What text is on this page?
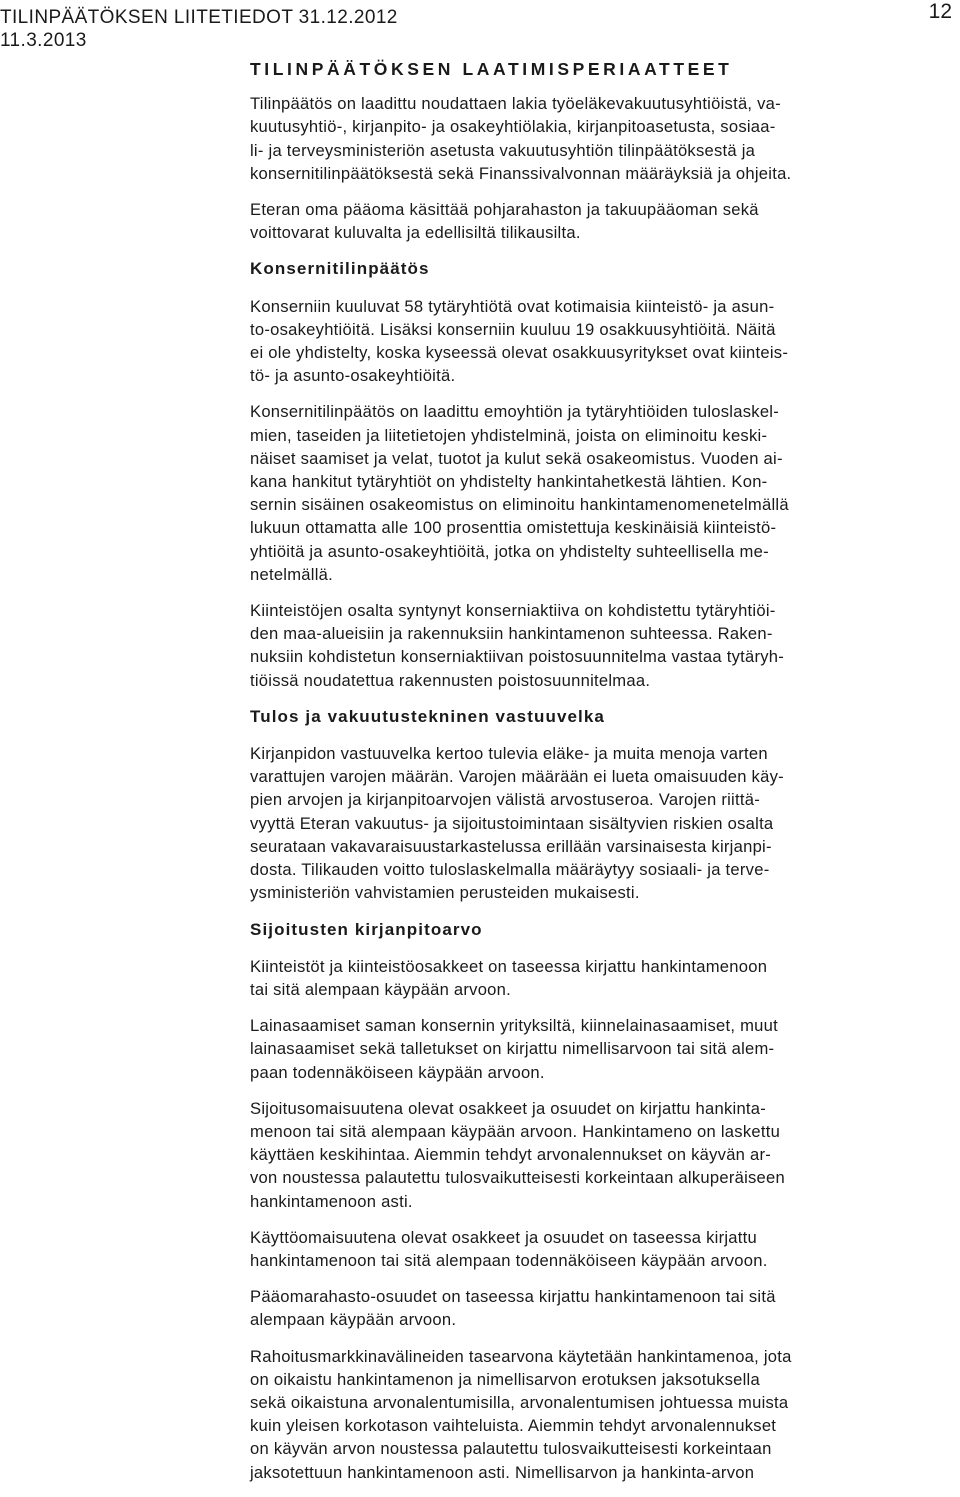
TILINPÄÄTÖKSEN LIITETIEDOT 31.12.2012
11.3.2013
12
TILINPÄÄTÖKSEN LAATIMISPERIAATTEET

Tilinpäätös on laadittu noudattaen lakia työeläkevakuutusyhtiöistä, va-
kuutusyhtiö-, kirjanpito- ja osakeyhtiölakia, kirjanpitoasetusta, sosiaa-
li- ja terveysministeriön asetusta vakuutusyhtiön tilinpäätöksestä ja
konsernitilinpäätöksestä sekä Finanssivalvonnan määräyksiä ja ohjeita.

Eteran oma pääoma käsittää pohjarahaston ja takuupääoman sekä
voittovarat kuluvalta ja edellisiltä tilikausilta.

Konsernitilinpäätös

Konserniin kuuluvat 58 tytäryhtiötä ovat kotimaisia kiinteistö- ja asun-
to-osakeyhtiöitä. Lisäksi konserniin kuuluu 19 osakkuusyhtiöitä. Näitä
ei ole yhdistelty, koska kyseessä olevat osakkuusyritykset ovat kiinteis-
tö- ja asunto-osakeyhtiöitä.

Konsernitilinpäätös on laadittu emoyhtiön ja tytäryhtiöiden tuloslaskel-
mien, taseiden ja liitetietojen yhdistelminä, joista on eliminoitu keski-
näiset saamiset ja velat, tuotot ja kulut sekä osakeomistus. Vuoden ai-
kana hankitut tytäryhtiöt on yhdistelty hankintahetkestä lähtien. Kon-
sernin sisäinen osakeomistus on eliminoitu hankintamenomenetelmällä
lukuun ottamatta alle 100 prosenttia omistettuja keskinäisiä kiinteistö-
yhtiöitä ja asunto-osakeyhtiöitä, jotka on yhdistelty suhteellisella me-
netelmällä.

Kiinteistöjen osalta syntynyt konserniaktiiva on kohdistettu tytäryhtiöi-
den maa-alueisiin ja rakennuksiin hankintamenon suhteessa. Raken-
nuksiin kohdistetun konserniaktiivan poistosuunnitelma vastaa tytäryh-
tiöissä noudatettua rakennusten poistosuunnitelmaa.

Tulos ja vakuutustekninen vastuuvelka

Kirjanpidon vastuuvelka kertoo tulevia eläke- ja muita menoja varten
varattujen varojen määrän. Varojen määrään ei lueta omaisuuden käy-
pien arvojen ja kirjanpitoarvojen välistä arvostuseroa. Varojen riittä-
vyyttä Eteran vakuutus- ja sijoitustoimintaan sisältyvien riskien osalta
seurataan vakavaraisuustarkastelussa erillään varsinaisesta kirjanpi-
dosta. Tilikauden voitto tuloslaskelmalla määräytyy sosiaali- ja terve-
ysministeriön vahvistamien perusteiden mukaisesti.

Sijoitusten kirjanpitoarvo

Kiinteistöt ja kiinteistöosakkeet on taseessa kirjattu hankintamenoon
tai sitä alempaan käypään arvoon.

Lainasaamiset saman konsernin yrityksiltä, kiinnelainasaamiset, muut
lainasaamiset sekä talletukset on kirjattu nimellisarvoon tai sitä alem-
paan todennäköiseen käypään arvoon.

Sijoitusomaisuutena olevat osakkeet ja osuudet on kirjattu hankinta-
menoon tai sitä alempaan käypään arvoon. Hankintameno on laskettu
käyttäen keskihintaa. Aiemmin tehdyt arvonalennukset on käyvän ar-
von noustessa palautettu tulosvaikutteisesti korkeintaan alkuperäiseen
hankintamenoon asti.

Käyttöomaisuutena olevat osakkeet ja osuudet on taseessa kirjattu
hankintamenoon tai sitä alempaan todennäköiseen käypään arvoon.

Pääomarahasto-osuudet on taseessa kirjattu hankintamenoon tai sitä
alempaan käypään arvoon.

Rahoitusmarkkinavälineiden tasearvona käytetään hankintamenoa, jota
on oikaistu hankintamenon ja nimellisarvon erotuksen jaksotuksella
sekä oikaistuna arvonalentumisilla, arvonalentumisen johtuessa muista
kuin yleisen korkotason vaihteluista. Aiemmin tehdyt arvonalennukset
on käyvän arvon noustessa palautettu tulosvaikutteisesti korkeintaan
jaksotettuun hankintamenoon asti. Nimellisarvon ja hankinta-arvon
